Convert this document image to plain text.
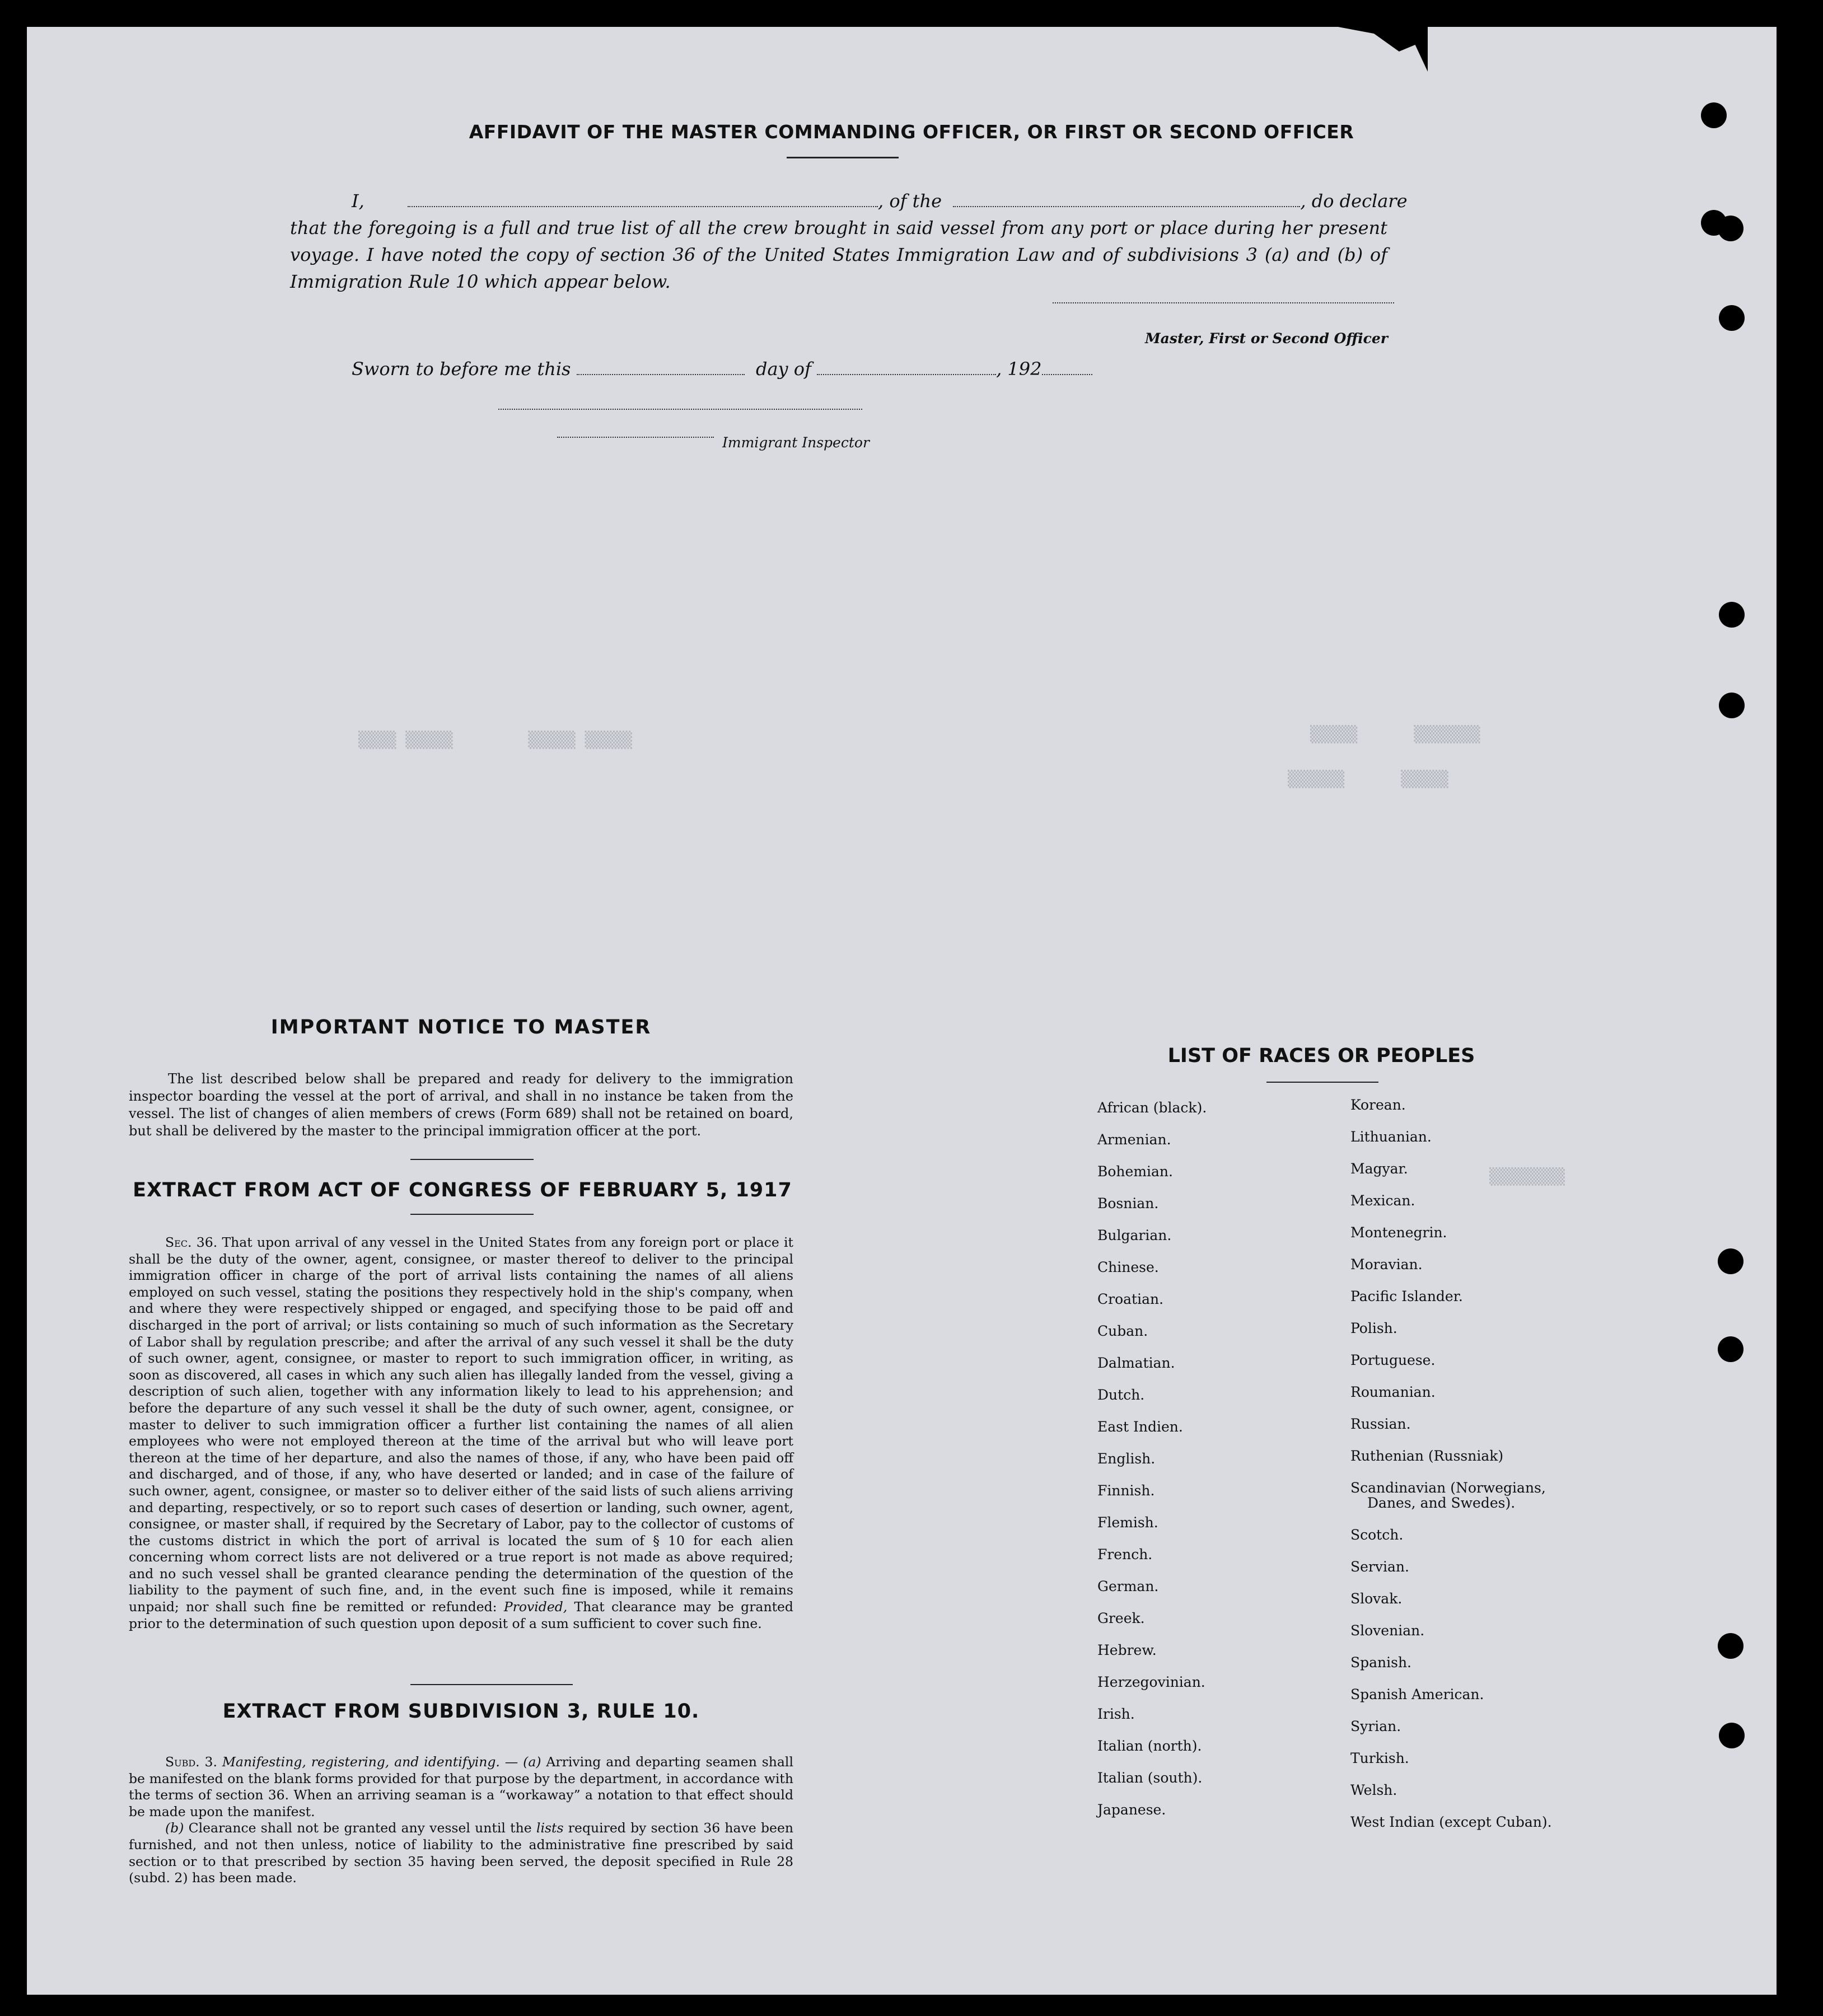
▒▒▒▒ ▒▒▒▒▒        ▒▒▒▒▒ ▒▒▒▒▒	▒▒▒▒▒      ▒▒▒▒▒▒▒
▒▒▒▒▒▒      ▒▒▒▒▒
▒▒▒▒▒▒▒▒
AFFIDAVIT OF THE MASTER COMMANDING OFFICER, OR FIRST OR SECOND OFFICER
I,	, of the	, do declare
that the foregoing is a full and true list of all the crew brought in said vessel from any port or place during her present
voyage. I have noted the copy of section 36 of the United States Immigration Law and of subdivisions 3 (a) and (b) of
Immigration Rule 10 which appear below.
Master, First or Second Officer
Sworn to before me this	day of	, 192
Immigrant Inspector
IMPORTANT NOTICE TO MASTER
The list described below shall be prepared and ready for delivery to the immigration inspector boarding the vessel at the port of arrival, and shall in no instance be taken from the vessel. The list of changes of alien members of crews (Form 689) shall not be retained on board, but shall be delivered by the master to the principal immigration officer at the port.
EXTRACT FROM ACT OF CONGRESS OF FEBRUARY 5, 1917
Sec. 36. That upon arrival of any vessel in the United States from any foreign port or place it shall be the duty of the owner, agent, consignee, or master thereof to deliver to the principal immigration officer in charge of the port of arrival lists containing the names of all aliens employed on such vessel, stating the positions they respectively hold in the ship's company, when and where they were respectively shipped or engaged, and specifying those to be paid off and discharged in the port of arrival; or lists containing so much of such information as the Secretary of Labor shall by regulation prescribe; and after the arrival of any such vessel it shall be the duty of such owner, agent, consignee, or master to report to such immigration officer, in writing, as soon as discovered, all cases in which any such alien has illegally landed from the vessel, giving a description of such alien, together with any information likely to lead to his apprehension; and before the departure of any such vessel it shall be the duty of such owner, agent, consignee, or master to deliver to such immigration officer a further list containing the names of all alien employees who were not employed thereon at the time of the arrival but who will leave port thereon at the time of her departure, and also the names of those, if any, who have been paid off and discharged, and of those, if any, who have deserted or landed; and in case of the failure of such owner, agent, consignee, or master so to deliver either of the said lists of such aliens arriving and departing, respectively, or so to report such cases of desertion or landing, such owner, agent, consignee, or master shall, if required by the Secretary of Labor, pay to the collector of customs of the customs district in which the port of arrival is located the sum of § 10 for each alien concerning whom correct lists are not delivered or a true report is not made as above required; and no such vessel shall be granted clearance pending the determination of the question of the liability to the payment of such fine, and, in the event such fine is imposed, while it remains unpaid; nor shall such fine be remitted or refunded: Provided, That clearance may be granted prior to the determination of such question upon deposit of a sum sufficient to cover such fine.
EXTRACT FROM SUBDIVISION 3, RULE 10.
Subd. 3. Manifesting, registering, and identifying. — (a) Arriving and departing seamen shall be manifested on the blank forms provided for that purpose by the department, in accordance with the terms of section 36. When an arriving seaman is a “workaway” a notation to that effect should be made upon the manifest.
(b) Clearance shall not be granted any vessel until the lists required by section 36 have been furnished, and not then unless, notice of liability to the administrative fine prescribed by said section or to that prescribed by section 35 having been served, the deposit specified in Rule 28 (subd. 2) has been made.
LIST OF RACES OR PEOPLES
African (black).
Armenian.
Bohemian.
Bosnian.
Bulgarian.
Chinese.
Croatian.
Cuban.
Dalmatian.
Dutch.
East Indien.
English.
Finnish.
Flemish.
French.
German.
Greek.
Hebrew.
Herzegovinian.
Irish.
Italian (north).
Italian (south).
Japanese.
Korean.
Lithuanian.
Magyar.
Mexican.
Montenegrin.
Moravian.
Pacific Islander.
Polish.
Portuguese.
Roumanian.
Russian.
Ruthenian (Russniak)
Scandinavian (Norwegians,
Danes, and Swedes).
Scotch.
Servian.
Slovak.
Slovenian.
Spanish.
Spanish American.
Syrian.
Turkish.
Welsh.
West Indian (except Cuban).
